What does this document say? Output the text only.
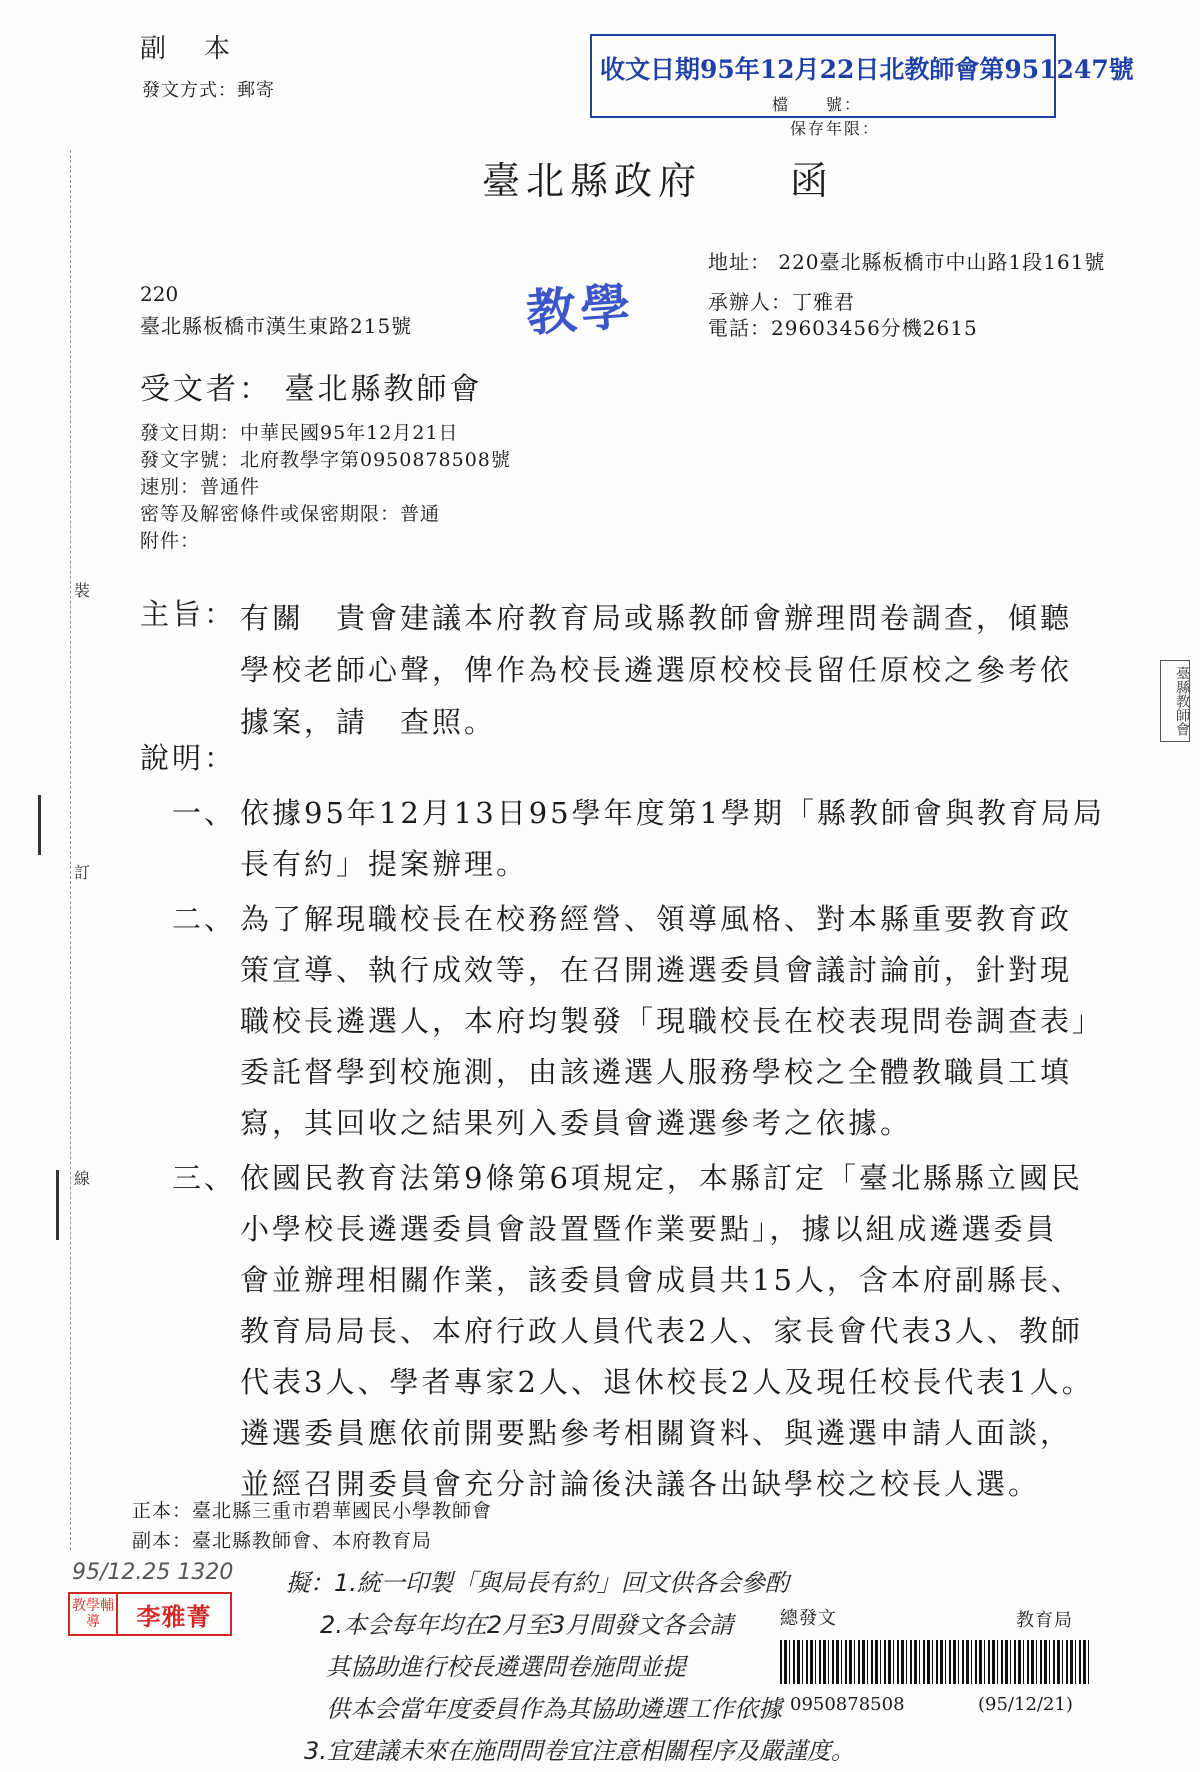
副　本
發文方式：郵寄
收文日期95年12月22日北教師會第951247號
檔　　號：
保存年限：
臺北縣政府　　函
220
臺北縣板橋市漢生東路215號 教學
地址： 220臺北縣板橋市中山路1段161號
承辦人：丁雅君
電話：29603456分機2615
受文者： 臺北縣教師會
發文日期：中華民國95年12月21日
發文字號：北府教學字第0950878508號
速別：普通件
密等及解密條件或保密期限：普通
附件：
主旨： 有關　貴會建議本府教育局或縣教師會辦理問卷調查，傾聽
學校老師心聲，俾作為校長遴選原校校長留任原校之參考依
據案，請　查照。
說明：
一、 依據95年12月13日95學年度第1學期「縣教師會與教育局局
長有約」提案辦理。
二、 為了解現職校長在校務經營、領導風格、對本縣重要教育政
策宣導、執行成效等，在召開遴選委員會議討論前，針對現
職校長遴選人，本府均製發「現職校長在校表現問卷調查表」
委託督學到校施測，由該遴選人服務學校之全體教職員工填
寫，其回收之結果列入委員會遴選參考之依據。
三、 依國民教育法第9條第6項規定，本縣訂定「臺北縣縣立國民
小學校長遴選委員會設置暨作業要點」，據以組成遴選委員
會並辦理相關作業，該委員會成員共15人，含本府副縣長、
教育局局長、本府行政人員代表2人、家長會代表3人、教師
代表3人、學者專家2人、退休校長2人及現任校長代表1人。
遴選委員應依前開要點參考相關資料、與遴選申請人面談，
並經召開委員會充分討論後決議各出缺學校之校長人選。
正本：臺北縣三重市碧華國民小學教師會
副本：臺北縣教師會、本府教育局
95/12.25 1320
教學輔導	李雅菁
擬：1.統一印製「與局長有約」回文供各会參酌
2.本会每年均在2月至3月間發文各会請
其協助進行校長遴選問卷施問並提
供本会當年度委員作為其協助遴選工作依據
3.宜建議未來在施問問卷宜注意相關程序及嚴謹度。
總發文	教育局
0950878508	(95/12/21)
臺縣教師會
裝
訂
線
